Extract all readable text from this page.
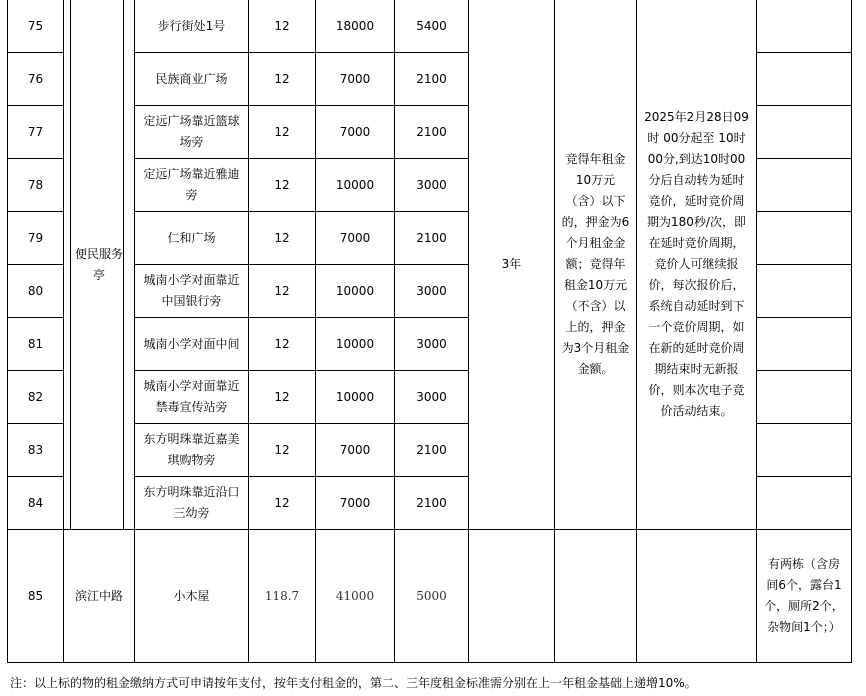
75	便民服务亭	步行街处1号	12	18000	5400	3年	竞得年租金10万元（含）以下的，押金为6个月租金金额；竞得年租金10万元（不含）以上的，押金为3个月租金金额。	2025年2月28日09时 00分起至 10时00分,到达10时00分后自动转为延时竞价，延时竞价周期为180秒/次，即在延时竞价周期，竞价人可继续报价，每次报价后，系统自动延时到下一个竞价周期，如在新的延时竞价周期结束时无新报价，则本次电子竞价活动结束。	
76		民族商业广场	12	7000	2100				
77		定远广场靠近篮球场旁	12	7000	2100				
78		定远广场靠近雅迪旁	12	10000	3000				
79		仁和广场	12	7000	2100				
80		城南小学对面靠近中国银行旁	12	10000	3000				
81		城南小学对面中间	12	10000	3000				
82		城南小学对面靠近禁毒宣传站旁	12	10000	3000				
83		东方明珠靠近嘉美琪购物旁	12	7000	2100				
84		东方明珠靠近沿口三幼旁	12	7000	2100				
85	滨江中路	小木屋	118.7	41000	5000				有两栋（含房间6个，露台1个，厕所2个，杂物间1个；）
注：以上标的物的租金缴纳方式可申请按年支付，按年支付租金的，第二、三年度租金标准需分别在上一年租金基础上递增10%。
